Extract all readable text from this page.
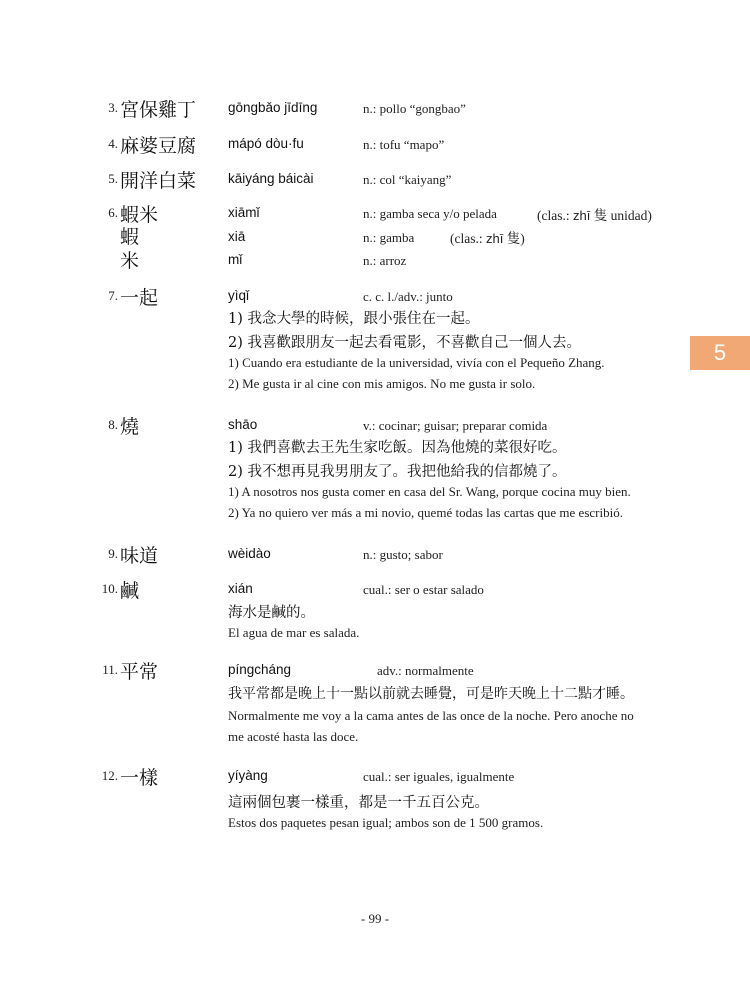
3. 宮保雞丁 gōngbǎo jīdīng	n.: pollo “gongbao”
4. 麻婆豆腐 mápó dòu·fu	n.: tofu “mapo”
5. 開洋白菜 kāiyáng báicài	n.: col “kaiyang”
6. 蝦米	xiāmǐ	n.: gamba seca y/o pelada	(clas.: zhī 隻 unidad)
蝦	xiā	n.: gamba	(clas.: zhī 隻)
米	mǐ	n.: arroz
7. 一起	yìqǐ	c. c. l./adv.: junto
1) 我念大學的時候，跟小張住在一起。
2) 我喜歡跟朋友一起去看電影，不喜歡自己一個人去。
1) Cuando era estudiante de la universidad, vivía con el Pequeño Zhang.
2) Me gusta ir al cine con mis amigos. No me gusta ir solo.
8. 燒	shāo	v.: cocinar; guisar; preparar comida
1) 我們喜歡去王先生家吃飯。因為他燒的菜很好吃。
2) 我不想再見我男朋友了。我把他給我的信都燒了。
1) A nosotros nos gusta comer en casa del Sr. Wang, porque cocina muy bien.
2) Ya no quiero ver más a mi novio, quemé todas las cartas que me escribió.
9. 味道	wèidào	n.: gusto; sabor
10. 鹹	xián	cual.: ser o estar salado
海水是鹹的。
El agua de mar es salada.
11. 平常	píngcháng	adv.: normalmente
我平常都是晚上十一點以前就去睡覺，可是昨天晚上十二點才睡。
Normalmente me voy a la cama antes de las once de la noche. Pero anoche no
me acosté hasta las doce.
12. 一樣	yíyàng	cual.: ser iguales, igualmente
這兩個包裹一樣重，都是一千五百公克。
Estos dos paquetes pesan igual; ambos son de 1 500 gramos.
5
- 99 -
